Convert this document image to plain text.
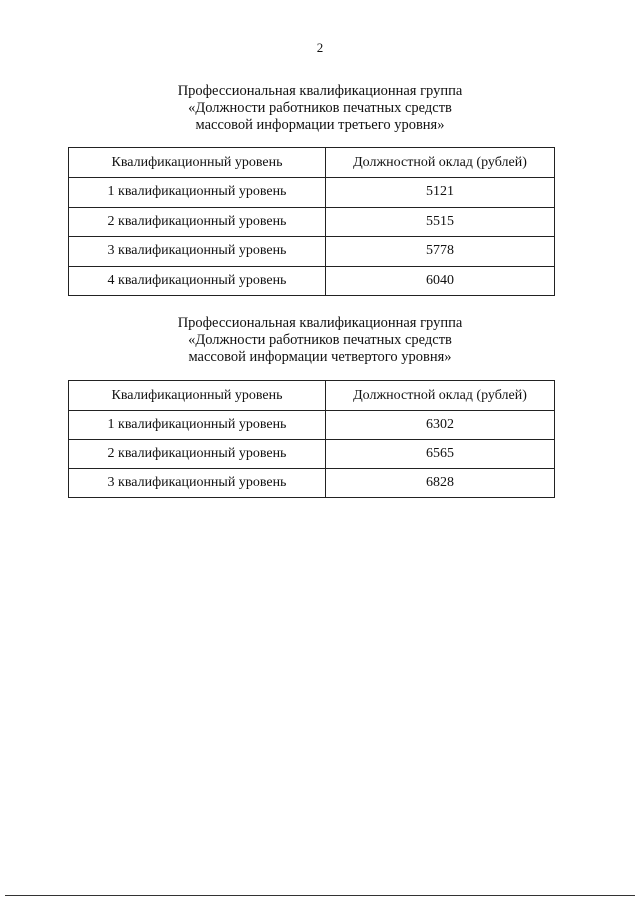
2
Профессиональная квалификационная группа
«Должности работников печатных средств
массовой информации третьего уровня»
Квалификационный уровень	Должностной оклад (рублей)
1 квалификационный уровень	5121
2 квалификационный уровень	5515
3 квалификационный уровень	5778
4 квалификационный уровень	6040
Профессиональная квалификационная группа
«Должности работников печатных средств
массовой информации четвертого уровня»
Квалификационный уровень	Должностной оклад (рублей)
1 квалификационный уровень	6302
2 квалификационный уровень	6565
3 квалификационный уровень	6828
